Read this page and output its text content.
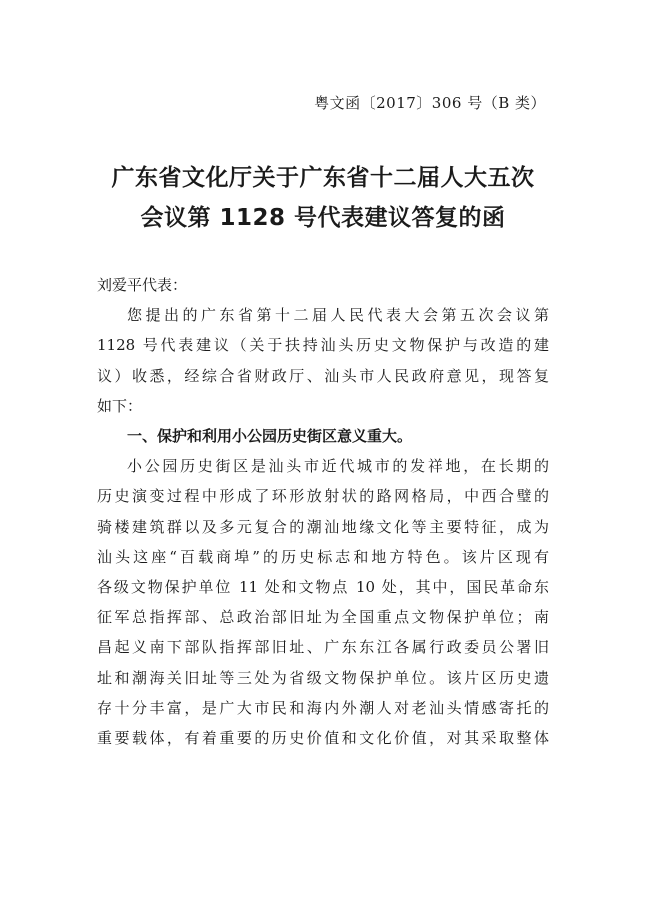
粤文函〔2017〕306 号（B 类）
广东省文化厅关于广东省十二届人大五次
会议第 1128 号代表建议答复的函

刘爱平代表：

您提出的广东省第十二届人民代表大会第五次会议第
1128 号代表建议（关于扶持汕头历史文物保护与改造的建
议）收悉，经综合省财政厅、汕头市人民政府意见，现答复
如下：

一、保护和利用小公园历史街区意义重大。

小公园历史街区是汕头市近代城市的发祥地，在长期的
历史演变过程中形成了环形放射状的路网格局，中西合璧的
骑楼建筑群以及多元复合的潮汕地缘文化等主要特征，成为
汕头这座“百载商埠”的历史标志和地方特色。该片区现有
各级文物保护单位 11 处和文物点 10 处，其中，国民革命东
征军总指挥部、总政治部旧址为全国重点文物保护单位；南
昌起义南下部队指挥部旧址、广东东江各属行政委员公署旧
址和潮海关旧址等三处为省级文物保护单位。该片区历史遗
存十分丰富，是广大市民和海内外潮人对老汕头情感寄托的
重要载体，有着重要的历史价值和文化价值，对其采取整体
